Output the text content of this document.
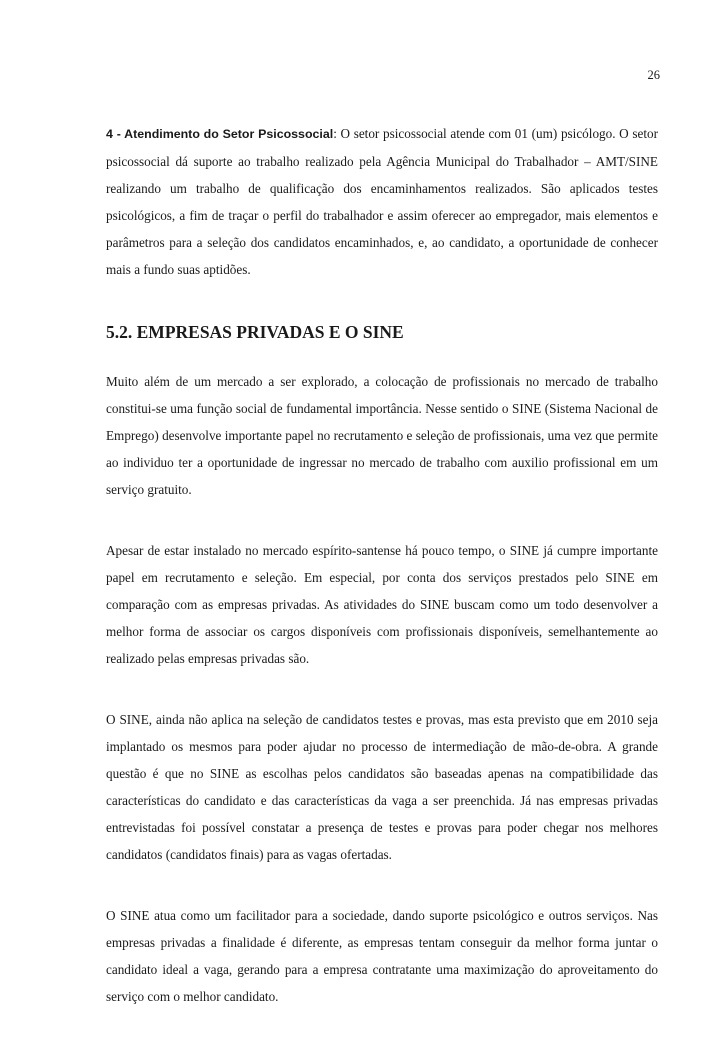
26

4 - Atendimento do Setor Psicossocial: O setor psicossocial atende com 01 (um) psicólogo. O setor psicossocial dá suporte ao trabalho realizado pela Agência Municipal do Trabalhador – AMT/SINE realizando um trabalho de qualificação dos encaminhamentos realizados. São aplicados testes psicológicos, a fim de traçar o perfil do trabalhador e assim oferecer ao empregador, mais elementos e parâmetros para a seleção dos candidatos encaminhados, e, ao candidato, a oportunidade de conhecer mais a fundo suas aptidões.

5.2. EMPRESAS PRIVADAS E O SINE

Muito além de um mercado a ser explorado, a colocação de profissionais no mercado de trabalho constitui-se uma função social de fundamental importância. Nesse sentido o SINE (Sistema Nacional de Emprego) desenvolve importante papel no recrutamento e seleção de profissionais, uma vez que permite ao individuo ter a oportunidade de ingressar no mercado de trabalho com auxilio profissional em um serviço gratuito.

Apesar de estar instalado no mercado espírito-santense há pouco tempo, o SINE já cumpre importante papel em recrutamento e seleção. Em especial, por conta dos serviços prestados pelo SINE em comparação com as empresas privadas. As atividades do SINE buscam como um todo desenvolver a melhor forma de associar os cargos disponíveis com profissionais disponíveis, semelhantemente ao realizado pelas empresas privadas são.

O SINE, ainda não aplica na seleção de candidatos testes e provas, mas esta previsto que em 2010 seja implantado os mesmos para poder ajudar no processo de intermediação de mão-de-obra. A grande questão é que no SINE as escolhas pelos candidatos são baseadas apenas na compatibilidade das características do candidato e das características da vaga a ser preenchida. Já nas empresas privadas entrevistadas foi possível constatar a presença de testes e provas para poder chegar nos melhores candidatos (candidatos finais) para as vagas ofertadas.

O SINE atua como um facilitador para a sociedade, dando suporte psicológico e outros serviços. Nas empresas privadas a finalidade é diferente, as empresas tentam conseguir da melhor forma juntar o candidato ideal a vaga, gerando para a empresa contratante uma maximização do aproveitamento do serviço com o melhor candidato.
